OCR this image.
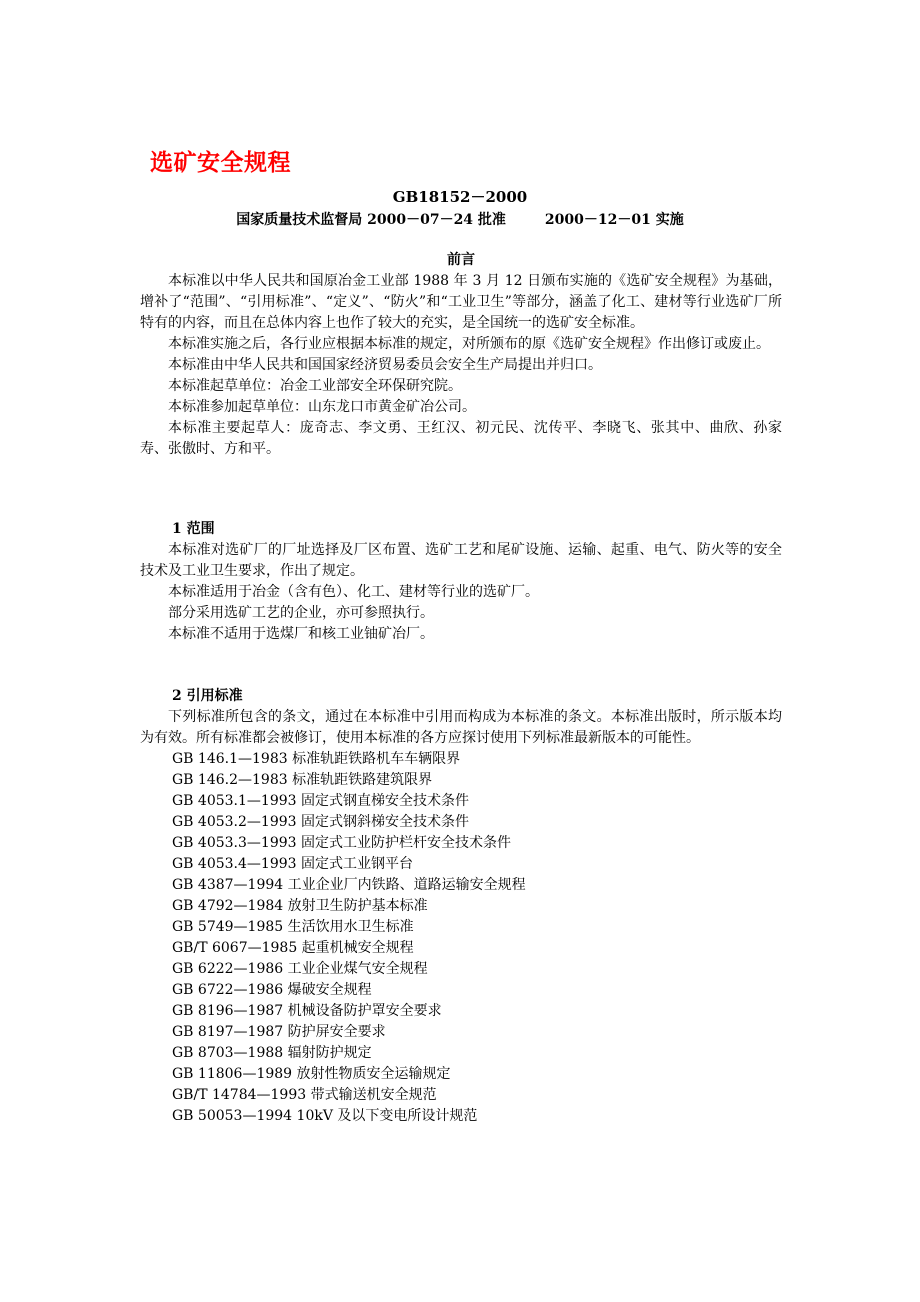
选矿安全规程
GB18152－2000
国家质量技术监督局 2000－07－24 批准        2000－12－01 实施
前言

本标准以中华人民共和国原冶金工业部 1988 年 3 月 12 日颁布实施的《选矿安全规程》为基础，增补了“范围”、“引用标准”、“定义”、“防火”和“工业卫生”等部分，涵盖了化工、建材等行业选矿厂所特有的内容，而且在总体内容上也作了较大的充实，是全国统一的选矿安全标准。

本标准实施之后，各行业应根据本标准的规定，对所颁布的原《选矿安全规程》作出修订或废止。

本标准由中华人民共和国国家经济贸易委员会安全生产局提出并归口。

本标准起草单位：冶金工业部安全环保研究院。

本标准参加起草单位：山东龙口市黄金矿冶公司。

本标准主要起草人：庞奇志、李文勇、王红汉、初元民、沈传平、李晓飞、张其中、曲欣、孙家寿、张傲时、方和平。

1 范围

本标准对选矿厂的厂址选择及厂区布置、选矿工艺和尾矿设施、运输、起重、电气、防火等的安全技术及工业卫生要求，作出了规定。

本标准适用于冶金（含有色）、化工、建材等行业的选矿厂。

部分采用选矿工艺的企业，亦可参照执行。

本标准不适用于选煤厂和核工业铀矿冶厂。

2 引用标准

下列标准所包含的条文，通过在本标准中引用而构成为本标准的条文。本标准出版时，所示版本均为有效。所有标准都会被修订，使用本标准的各方应探讨使用下列标准最新版本的可能性。

GB 146.1—1983 标准轨距铁路机车车辆限界

GB 146.2—1983 标准轨距铁路建筑限界

GB 4053.1—1993 固定式钢直梯安全技术条件

GB 4053.2—1993 固定式钢斜梯安全技术条件

GB 4053.3—1993 固定式工业防护栏杆安全技术条件

GB 4053.4—1993 固定式工业钢平台

GB 4387—1994 工业企业厂内铁路、道路运输安全规程

GB 4792—1984 放射卫生防护基本标准

GB 5749—1985 生活饮用水卫生标准

GB/T 6067—1985 起重机械安全规程

GB 6222—1986 工业企业煤气安全规程

GB 6722—1986 爆破安全规程

GB 8196—1987 机械设备防护罩安全要求

GB 8197—1987 防护屏安全要求

GB 8703—1988 辐射防护规定

GB 11806—1989 放射性物质安全运输规定

GB/T 14784—1993 带式输送机安全规范

GB 50053—1994 10kV 及以下变电所设计规范
